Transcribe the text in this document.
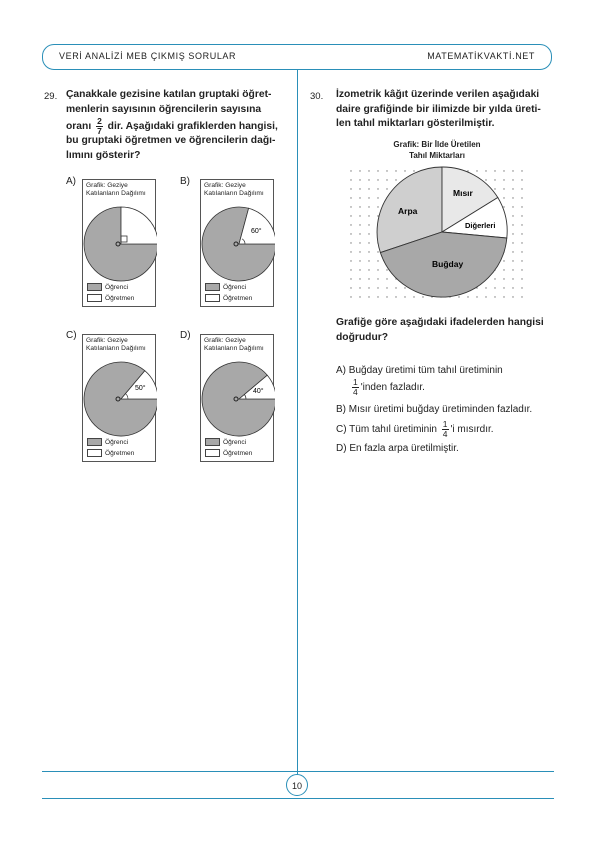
VERİ ANALİZİ MEB ÇIKMIŞ SORULAR	MATEMATİKVAKTİ.NET
10
29. Çanakkale gezisine katılan gruptaki öğret-
menlerin sayısının öğrencilerin sayısına
oranı $\frac{2}{7}$ dir. Aşağıdaki grafiklerden hangisi,
bu gruptaki öğretmen ve öğrencilerin dağı-
lımını gösterir?
A) Grafik: Geziye
Katılanların Dağılımı
Öğrenci
Öğretmen
B) Grafik: Geziye
Katılanların Dağılımı
60°
Öğrenci
Öğretmen
C) Grafik: Geziye
Katılanların Dağılımı
50°
Öğrenci
Öğretmen
D) Grafik: Geziye
Katılanların Dağılımı
40°
Öğrenci
Öğretmen
30. İzometrik kâğıt üzerinde verilen aşağıdaki
daire grafiğinde bir ilimizde bir yılda üreti-
len tahıl miktarları gösterilmiştir.
Grafik: Bir İlde Üretilen
Tahıl Miktarları
Mısır
Arpa
Diğerleri
Buğday
Grafiğe göre aşağıdaki ifadelerden hangisi
doğrudur?
A) Buğday üretimi tüm tahıl üretiminin
$\frac{1}{4}$ 'inden fazladır.
B) Mısır üretimi buğday üretiminden fazladır.
C) Tüm tahıl üretiminin $\frac{1}{4}$ 'i mısırdır.
D) En fazla arpa üretilmiştir.
